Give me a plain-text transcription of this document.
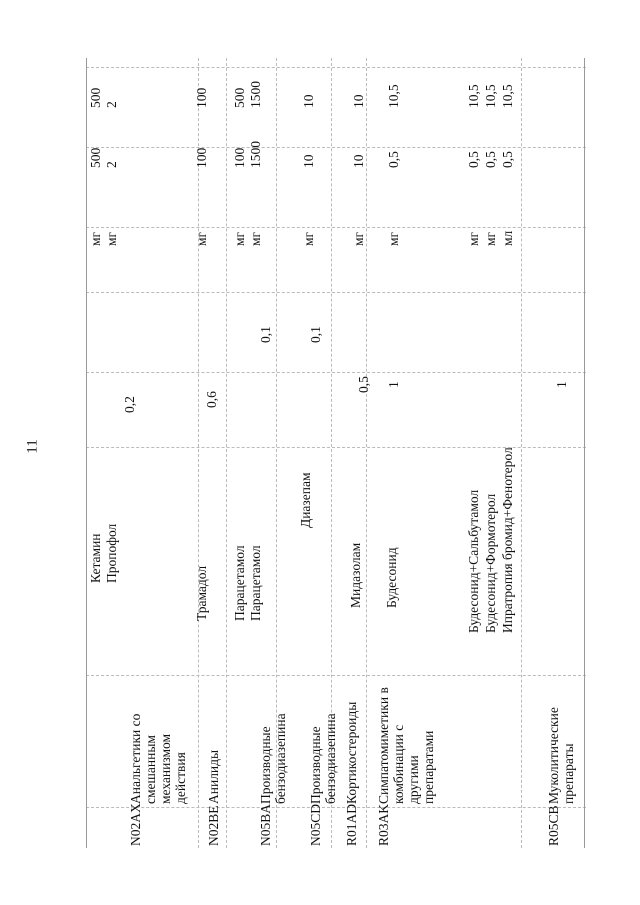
11
N02AX
Анальгетики со смешанным механизмом действия
Кетамин Пропофол
0,2
мг мг
500 2
500 2
N02BE
Анилиды
Трамадол
0,6
мг
100
100
N05BA
Производные бензодиазепина
Парацетамол Парацетамол
0,1
мг мг
100 1500
500 1500
N05CD
Производные бензодиазепина
Диазепам
0,1
мг
10
10
R01AD
Кортикостероиды
Мидазолам
0,5
мг
10
10
R03AK
Симпатомиметики в комбинации с другими препаратами
Будесонид
1
мг
0,5
10,5
Будесонид+Сальбутамол
мг
0,5
10,5
Будесонид+Формотерол
мг
0,5
10,5
Ипратропия бромид+Фенотерол
мл
0,5
10,5
R05CB
Муколитические препараты
1
